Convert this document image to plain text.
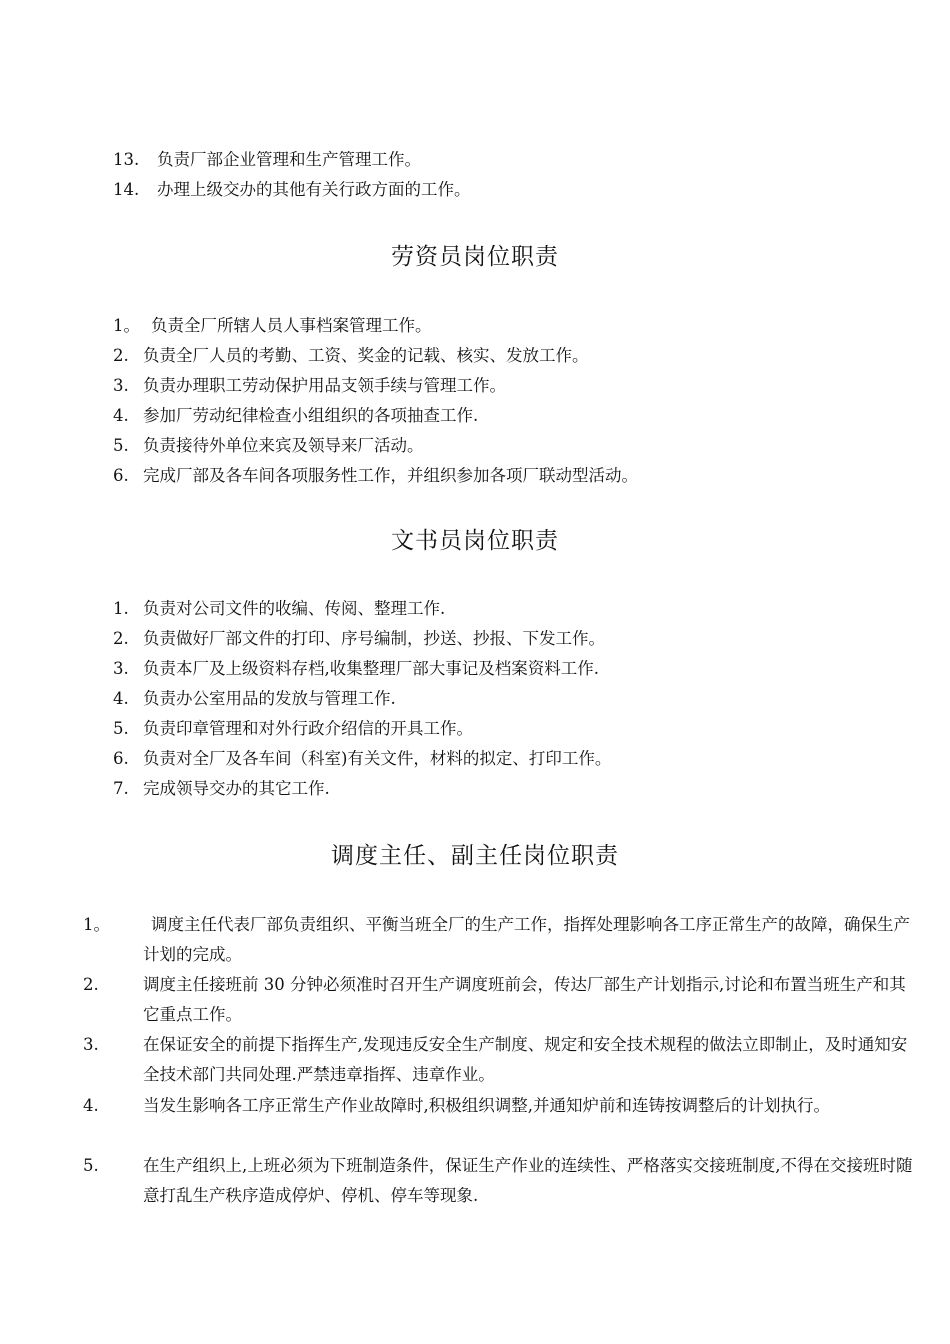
13. 负责厂部企业管理和生产管理工作。
14. 办理上级交办的其他有关行政方面的工作。
劳资员岗位职责
1。 负责全厂所辖人员人事档案管理工作。
2. 负责全厂人员的考勤、工资、奖金的记载、核实、发放工作。
3. 负责办理职工劳动保护用品支领手续与管理工作。
4. 参加厂劳动纪律检查小组组织的各项抽查工作.
5. 负责接待外单位来宾及领导来厂活动。
6. 完成厂部及各车间各项服务性工作，并组织参加各项厂联动型活动。
文书员岗位职责
1. 负责对公司文件的收编、传阅、整理工作.
2. 负责做好厂部文件的打印、序号编制，抄送、抄报、下发工作。
3. 负责本厂及上级资料存档,收集整理厂部大事记及档案资料工作.
4. 负责办公室用品的发放与管理工作.
5. 负责印章管理和对外行政介绍信的开具工作。
6. 负责对全厂及各车间（科室)有关文件，材料的拟定、打印工作。
7. 完成领导交办的其它工作.
调度主任、副主任岗位职责
1。 调度主任代表厂部负责组织、平衡当班全厂的生产工作，指挥处理影响各工序正常生产的故障，确保生产计划的完成。
2.	调度主任接班前 30 分钟必须准时召开生产调度班前会，传达厂部生产计划指示,讨论和布置当班生产和其它重点工作。
3.	在保证安全的前提下指挥生产,发现违反安全生产制度、规定和安全技术规程的做法立即制止，及时通知安全技术部门共同处理.严禁违章指挥、违章作业。
4.	当发生影响各工序正常生产作业故障时,积极组织调整,并通知炉前和连铸按调整后的计划执行。
5.	在生产组织上,上班必须为下班制造条件，保证生产作业的连续性、严格落实交接班制度,不得在交接班时随意打乱生产秩序造成停炉、停机、停车等现象.
